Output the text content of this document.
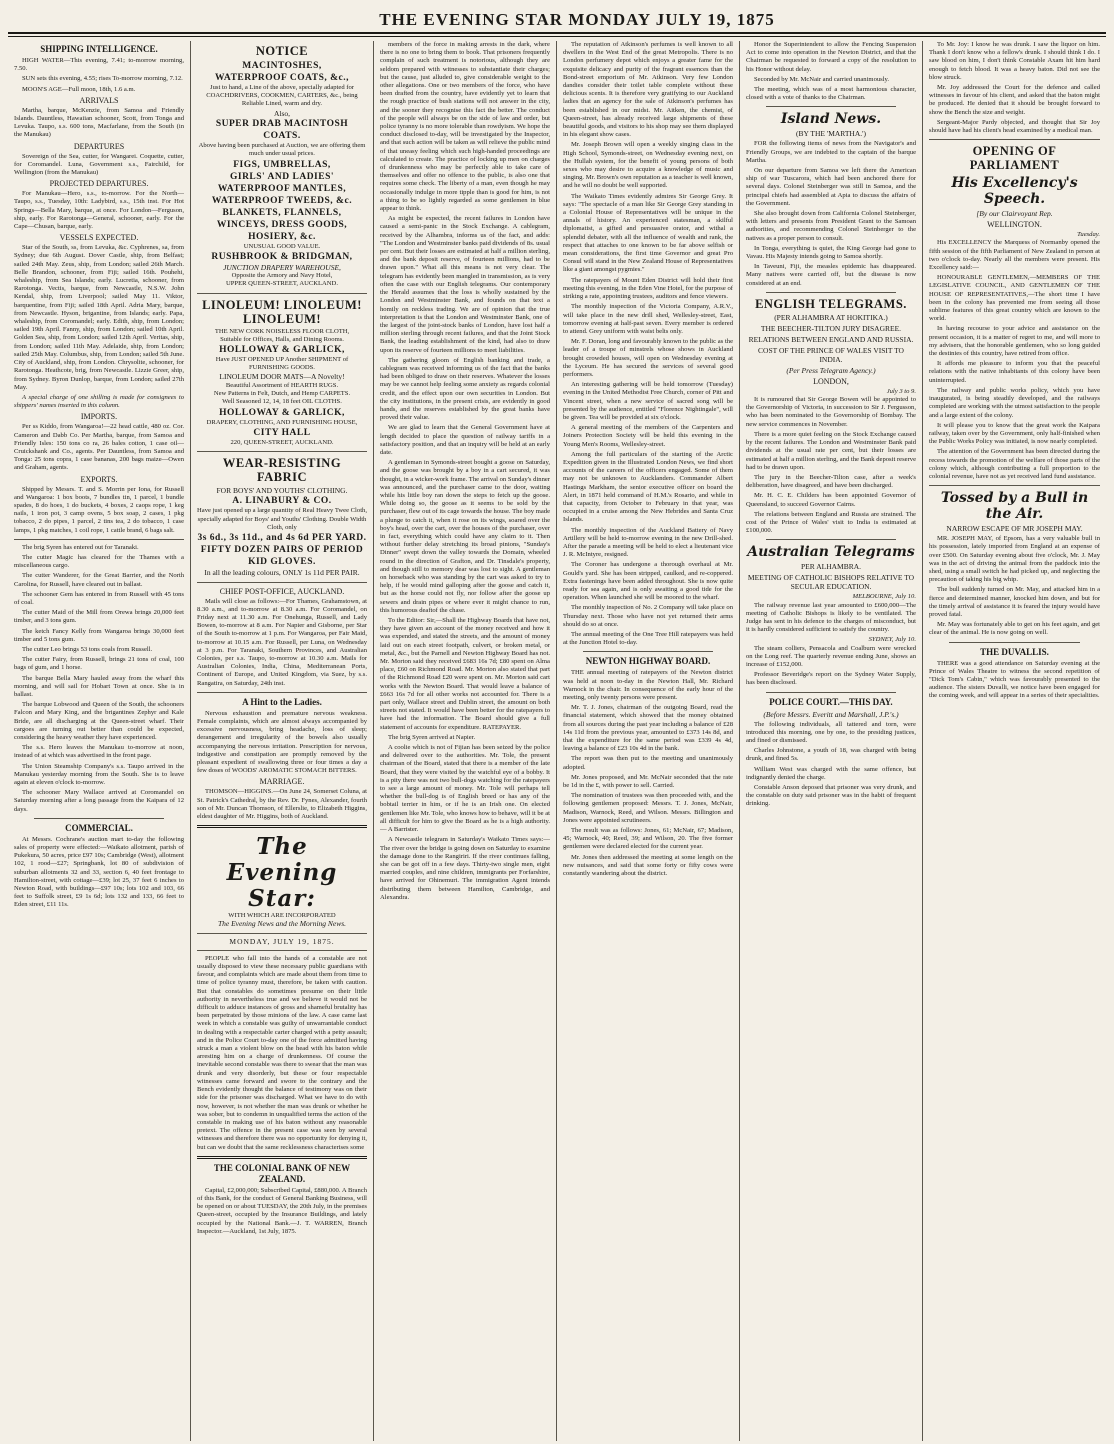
THE EVENING STAR MONDAY JULY 19, 1875
SHIPPING INTELLIGENCE.

HIGH WATER—This evening, 7.41; to-morrow morning, 7.50.

SUN sets this evening, 4.55; rises To-morrow morning, 7.12.

MOON'S AGE—Full moon, 18th, 1.6 a.m.

ARRIVALS

Martha, barque, McKenzie, from Samoa and Friendly Islands. Dauntless, Hawaiian schooner, Scott, from Tonga and Levuka. Taupo, s.s. 600 tons, Macfarlane, from the South (in the Manukau)

DEPARTURES

Sovereign of the Sea, cutter, for Wangarei. Coquette, cutter, for Coromandel. Luna, Government s.s., Fairchild, for Wellington (from the Manukau)

PROJECTED DEPARTURES.

For Manukau—Hero, s.s., to-morrow. For the North—Taupo, s.s., Tuesday, 10th: Ladybird, s.s., 15th inst. For Hot Springs—Bella Mary, barque, at once. For London—Ferguson, ship, early. For Rarotonga—General, schooner, early. For the Cape—Chusan, barque, early.

VESSELS EXPECTED.

Star of the South, ss, from Levuka, &c. Cyphrenes, sa, from Sydney; due 6th August. Dover Castle, ship, from Belfast; sailed 24th May. Zeus, ship, from London; sailed 26th March. Belle Brandon, schooner, from Fiji; sailed 16th. Pouhehi, whaleship, from Sea Islands; early. Lucretia, schooner, from Rarotonga. Vectis, barque, from Newcastle, N.S.W. John Kendal, ship, from Liverpool; sailed May 11. Viktor, barquentine, from Fiji; sailed 18th April. Adria Mary, barque, from Newcastle. Hyson, brigantine, from Islands; early. Papa, whaleship, from Coromandel; early. Edith, ship, from London; sailed 19th April. Fanny, ship, from London; sailed 10th April. Golden Sea, ship, from London; sailed 12th April. Veritas, ship, from London; sailed 11th May. Adelaide, ship, from London; sailed 25th May. Columbus, ship, from London; sailed 5th June. City of Auckland, ship, from London. Chrysolite, schooner, for Rarotonga. Heathcote, brig, from Newcastle. Lizzie Greer, ship, from Sydney. Byron Dunlop, barque, from London; sailed 27th May.

A special charge of one shilling is made for consignees to shippers' names inserted in this column.

IMPORTS.

Per ss Kiddo, from Wangaroa!—22 head cattle, 480 oz. Cor. Cameron and Dabb Co. Per Martha, barque, from Samoa and Friendly Isles: 150 tons co ra, 26 bales cotton, 1 case oil—Cruickshank and Co., agents. Per Dauntless, from Samoa and Tonga: 25 tons copra, 1 case bananas, 200 bags maize—Owen and Graham, agents.

EXPORTS.

Shipped by Messrs. T. and S. Morrin per Iona, for Russell and Wangaroa: 1 box boots, 7 bundles tin, 1 parcel, 1 bundle spades, 8 do hoes, 1 do buckets, 4 boxes, 2 caops rope, 1 keg nails, 1 iron pot, 3 camp ovens, 5 box soap, 2 cases, 1 pkg tobacco, 2 do pipes, 1 parcel, 2 tins tea, 2 do tobacco, 1 case lamps, 1 pkg matches, 1 coil rope, 1 cattle brand, 6 bags salt.

The brig Syren has entered out for Taranaki.

The cutter Magic has cleared for the Thames with a miscellaneous cargo.

The cutter Wanderer, for the Great Barrier, and the North Carolina, for Russell, have cleared out in ballast.

The schooner Gem has entered in from Russell with 45 tons of coal.

The cutter Maid of the Mill from Orewa brings 20,000 feet timber, and 3 tons gum.

The ketch Fancy Kelly from Wangaroa brings 30,000 feet timber and 5 tons gum.

The cutter Leo brings 53 tons coals from Russell.

The cutter Fairy, from Russell, brings 21 tons of coal, 100 bags of gum, and 1 horse.

The barque Bella Mary hauled away from the wharf this morning, and will sail for Hobart Town at once. She is in ballast.

The barque Lobwood and Queen of the South, the schooners Falcon and Mary King, and the brigantines Zephyr and Kale Bride, are all discharging at the Queen-street wharf. Their cargoes are turning out better than could be expected, considering the heavy weather they have experienced.

The s.s. Hero leaves the Manukau to-morrow at noon, instead of at which was advertised in the front page.

The Union Steamship Company's s.s. Taupo arrived in the Manukau yesterday morning from the South. She is to leave again at eleven o'clock to-morrow.

The schooner Mary Wallace arrived at Coromandel on Saturday morning after a long passage from the Kaipara of 12 days.

COMMERCIAL.

At Messrs. Cochrane's auction mart to-day the following sales of property were effected:—Waikato allotment, parish of Pukekura, 50 acres, price £97 10s; Cambridge (West), allotment 102, 1 rood—£27; Springbank, lot 80 of subdivision of suburban allotments 32 and 33, section 6, 40 feet frontage to Hamilton-street, with cottage—£39; lot 25, 37 feet 6 inches to Newton Road, with buildings—£97 10s; lots 102 and 103, 66 feet to Suffolk street, £9 1s 6d; lots 132 and 133, 66 feet to Eden street, £11 11s.

NOTICE
MACINTOSHES,
WATERPROOF COATS, &c.,
Just to hand, a Line of the above, specially adapted for COACHDRIVERS, COOKMEN, CARTERS, &c., being Reliable Lined, warm and dry.
Also,
SUPER DRAB MACINTOSH COATS.
Above having been purchased at Auction, we are offering them much under usual prices.
FIGS, UMBRELLAS,
GIRLS' AND LADIES' WATERPROOF MANTLES,
WATERPROOF TWEEDS, &c.
BLANKETS, FLANNELS, WINCEYS, DRESS GOODS, HOSIERY, &c.
UNUSUAL GOOD VALUE.
RUSHBROOK & BRIDGMAN,
JUNCTION DRAPERY WAREHOUSE,
Opposite the Armory and Navy Hotel,
UPPER QUEEN-STREET, AUCKLAND.
LINOLEUM! LINOLEUM! LINOLEUM!
THE NEW CORK NOISELESS FLOOR CLOTH,
Suitable for Offices, Halls, and Dining Rooms.
HOLLOWAY & GARLICK,
Have JUST OPENED UP Another SHIPMENT of FURNISHING GOODS.
LINOLEUM DOOR MATS—A Novelty!
Beautiful Assortment of HEARTH RUGS.
New Patterns in Felt, Dutch, and Hemp CARPETS.
Well Seasoned 12, 14, 18 feet OIL CLOTHS.
HOLLOWAY & GARLICK,
DRAPERY, CLOTHING, AND FURNISHING HOUSE,
CITY HALL
220, QUEEN-STREET, AUCKLAND.
WEAR-RESISTING FABRIC
FOR BOYS' AND YOUTHS' CLOTHING.
A. LINABURY & CO.
Have just opened up a large quantity of Real Heavy Twee Cloth, specially adapted for Boys' and Youths' Clothing. Double Width Cloth, only
3s 6d., 3s 11d., and 4s 6d PER YARD.
FIFTY DOZEN PAIRS OF PERIOD KID GLOVES.
In all the leading colours, ONLY 1s 11d PER PAIR.
CHIEF POST-OFFICE, AUCKLAND.

Mails will close as follows:—For Thames, Grahamstown, at 8.30 a.m., and to-morrow at 8.30 a.m. For Coromandel, on Friday next at 11.30 a.m. For Onehunga, Russell, and Lady Bowen, to-morrow at 8 a.m. For Napier and Gisborne, per Star of the South to-morrow at 1 p.m. For Wangaroa, per Fair Maid, to-morrow at 10.15 a.m. For Russell, per Luna, on Wednesday at 3 p.m. For Taranaki, Southern Provinces, and Australian Colonies, per s.s. Taupo, to-morrow at 10.30 a.m. Mails for Australian Colonies, India, China, Mediterranean Ports, Continent of Europe, and United Kingdom, via Suez, by s.s. Rangatira, on Saturday, 24th inst.

A Hint to the Ladies.

Nervous exhaustion and premature nervous weakness. Female complaints, which are almost always accompanied by excessive nervousness, bring headache, loss of sleep; derangement and irregularity of the bowels also usually accompanying the nervous irritation. Prescription for nervous, indigestive and constipation are promptly removed by the pleasant expedient of swallowing three or four times a day a few doses of WOODS' AROMATIC STOMACH BITTERS.

MARRIAGE.

THOMSON—HIGGINS.—On June 24, Somerset Coluna, at St. Patrick's Cathedral, by the Rev. Dr. Fynes, Alexander, fourth son of Mr. Duncan Thomson, of Ellerslie, to Elizabeth Higgins, eldest daughter of Mr. Higgins, both of Auckland.

The Evening Star:
WITH WHICH ARE INCORPORATED
The Evening News and the Morning News.
MONDAY, JULY 19, 1875.

PEOPLE who fall into the hands of a constable are not usually disposed to view these necessary public guardians with favour, and complaints which are made about them from time to time of police tyranny must, therefore, be taken with caution. But that constables do sometimes presume on their little authority in nevertheless true and we believe it would not be difficult to adduce instances of gross and shameful brutality has been perpetrated by those minions of the law. A case came last week in which a constable was guilty of unwarrantable conduct in dealing with a respectable carter charged with a petty assault; and in the Police Court to-day one of the force admitted having struck a man a violent blow on the head with his baton while arresting him on a charge of drunkenness. Of course the inevitable second constable was there to swear that the man was drunk and very disorderly, but these or four respectable witnesses came forward and swore to the contrary and the Bench evidently thought the balance of testimony was on their side for the prisoner was discharged. What we have to do with now, however, is not whether the man was drunk or whether he was sober, but to condemn in unqualified terms the action of the constable in making use of his baton without any reasonable pretext. The offence in the present case was seen by several witnesses and therefore there was no opportunity for denying it, but can we doubt that the same recklessness characterises some

THE COLONIAL BANK OF NEW ZEALAND.

Capital, £2,000,000; Subscribed Capital, £880,000. A Branch of this Bank, for the conduct of General Banking Business, will be opened on or about TUESDAY, the 20th July, in the premises Queen-street, occupied by the Insurance Buildings, and lately occupied by the National Bank.—J. T. WARREN, Branch Inspector.—Auckland, 1st July, 1875.

members of the force in making arrests in the dark, where there is no one to bring them to book. That prisoners frequently complain of such treatment is notorious, although they are seldom prepared with witnesses to substantiate their charges; but the cause, just alluded to, give considerable weight to the other allegations. One or two members of the force, who have been drafted from the country, have evidently yet to learn that the rough practice of bush stations will not answer in the city, and the sooner they recognise this fact the better. The conduct of the people will always be on the side of law and order, but police tyranny is no more tolerable than rowdyism. We hope the conduct disclosed to-day, will be investigated by the Inspector, and that such action will be taken as will relieve the public mind of that uneasy feeling which such high-handed proceedings are calculated to create. The practice of locking up men on charges of drunkenness who may be perfectly able to take care of themselves and offer no offence to the public, is also one that requires some check. The liberty of a man, even though he may occasionally indulge in more tipple than is good for him, is not a thing to be so lightly regarded as some gentlemen in blue appear to think.

As might be expected, the recent failures in London have caused a semi-panic in the Stock Exchange. A cablegram, received by the Alhambra, informs us of the fact, and adds: "The London and Westminster banks paid dividends of 8s. usual per cent. But their losses are estimated at half a million sterling, and the bank deposit reserve, of fourteen millions, had to be drawn upon." What all this means is not very clear. The telegram has evidently been mangled in transmission, as is very often the case with our English telegrams. Our contemporary the Herald assumes that the loss is wholly sustained by the London and Westminster Bank, and founds on that text a homily on reckless trading. We are of opinion that the true interpretation is that the London and Westminster Bank, one of the largest of the joint-stock banks of London, have lost half a million sterling through recent failures, and that the Joint Stock Bank, the leading establishment of the kind, had also to draw upon its reserve of fourteen millions to meet liabilities.

The gathering gloom of English banking and trade, a cablegram was received informing us of the fact that the banks had been obliged to draw on their reserves. Whatever the losses may be we cannot help feeling some anxiety as regards colonial credit, and the effect upon our own securities in London. But the city institutions, in the present crisis, are evidently in good hands, and the reserves established by the great banks have proved their value.

We are glad to learn that the General Government have at length decided to place the question of railway tariffs in a satisfactory position, and that an inquiry will be held at an early date.

A gentleman in Symonds-street bought a goose on Saturday, and the goose was brought by a boy in a cart secured, it was thought, in a wicker-work frame. The arrival on Sunday's dinner was announced, and the purchaser came to the door, waiting while his little boy ran down the steps to fetch up the goose. While doing so, the goose as it seems to be sold by the purchaser, flew out of its cage towards the house. The boy made a plunge to catch it, when it rose on its wings, soared over the boy's head, over the cart, over the houses of the purchaser, over in fact, everything which could have any claim to it. Then without further delay stretching its broad pinions, "Sunday's Dinner" swept down the valley towards the Domain, wheeled round in the direction of Grafton, and Dr. Tinsdale's property, and though still to memory dear was lost to sight. A gentleman on horseback who was standing by the cart was asked to try to help, if he would mind galloping after the goose and catch it, but as the horse could not fly, nor follow after the goose up sewers and drain pipes or where ever it might chance to run, this humorous deaftof the chase.

To the Editor: Sir,—Shall the Highway Boards that have not, they have given an account of the money received and how it was expended, and stated the streets, and the amount of money laid out on each street footpath, culvert, or broken metal, or metal, &c., but the Parnell and Newton Highway Board has not. Mr. Morton said they received £683 16s 7d; £80 spent on Alma place, £60 on Richmond Road. Mr. Morton also stated that part of the Richmond Road £20 were spent on. Mr. Morton said cart works with the Newton Board. That would leave a balance of £663 16s 7d for all other works not accounted for. There is a part only, Wallace street and Dublin street, the amount on both streets not stated. It would have been better for the ratepayers to have had the information. The Board should give a full statement of accounts for expenditure. RATEPAYER.

The brig Syren arrived at Napier.

A coolie which is not of Fijian has been seized by the police and delivered over to the authorities. Mr. Tole, the present chairman of the Board, stated that there is a member of the late Board, that they were visited by the watchful eye of a bobby. It is a pity there was not two bull-dogs watching for the ratepayers to see a large amount of money. Mr. Tole will perhaps tell whether the bull-dog is of English breed or has any of the bobtail terrier in him, or if he is an Irish one. On elected gentlemen like Mr. Tole, who knows how to behave, will it be at all difficult for him to give the Board as he is a high authority. — A Barrister.

A Newcastle telegram in Saturday's Waikato Times says:—The river over the bridge is going down on Saturday to examine the damage done to the Rangiriri. If the river continues falling, she can be got off in a few days. Thirty-two single men, eight married couples, and nine children, immigrants per Forfarshire, have arrived for Ohinemuri. The immigration Agent intends distributing them between Hamilton, Cambridge, and Alexandra.

The reputation of Atkinson's perfumes is well known to all dwellers in the West End of the great Metropolis. There is no London perfumery depot which enjoys a greater fame for the exquisite delicacy and purity of the fragrant essences than the Bond-street emporium of Mr. Atkinson. Very few London dandies consider their toilet table complete without these delicious scents. It is therefore very gratifying to our Auckland ladies that an agency for the sale of Atkinson's perfumes has been established in our midst. Mr. Aitken, the chemist, of Queen-street, has already received large shipments of these beautiful goods, and visitors to his shop may see them displayed in his elegant show cases.

Mr. Joseph Brown will open a weekly singing class in the High School, Symonds-street, on Wednesday evening next, on the Hullah system, for the benefit of young persons of both sexes who may desire to acquire a knowledge of music and singing. Mr. Brown's own reputation as a teacher is well known, and he will no doubt be well supported.

The Waikato Times evidently admires Sir George Grey. It says: "The spectacle of a man like Sir George Grey standing in a Colonial House of Representatives will be unique in the annals of history. An experienced statesman, a skilful diplomatist, a gifted and persuasive orator, and withal a splendid debater, with all the influence of wealth and rank, the respect that attaches to one known to be far above selfish or mean considerations, the first time Governor and great Pro Consul will stand in the New Zealand House of Representatives like a giant amongst pygmies."

The ratepayers of Mount Eden District will hold their first meeting this evening, in the Eden Vine Hotel, for the purpose of striking a rate, appointing trustees, auditors and fence viewers.

The monthly inspection of the Victoria Company, A.R.V., will take place in the new drill shed, Wellesley-street, East, tomorrow evening at half-past seven. Every member is ordered to attend. Grey uniform with waist belts only.

Mr. F. Doran, long and favourably known to the public as the leader of a troupe of minstrels whose shows in Auckland brought crowded houses, will open on Wednesday evening at the Lyceum. He has secured the services of several good performers.

An interesting gathering will be held tomorrow (Tuesday) evening in the United Methodist Free Church, corner of Pitt and Vincent street, when a new service of sacred song will be presented by the audience, entitled "Florence Nightingale", will be given. Tea will be provided at six o'clock.

A general meeting of the members of the Carpenters and Joiners Protection Society will be held this evening in the Young Men's Rooms, Wellesley-street.

Among the full particulars of the starting of the Arctic Expedition given in the Illustrated London News, we find short accounts of the careers of the officers engaged. Some of them may not be unknown to Aucklanders. Commander Albert Hastings Markham, the senior executive officer on board the Alert, in 1871 held command of H.M.'s Rosario, and while in that capacity, from October to February in that year, was occupied in a cruise among the New Hebrides and Santa Cruz Islands.

The monthly inspection of the Auckland Battery of Navy Artillery will be held to-morrow evening in the new Drill-shed. After the parade a meeting will be held to elect a lieutenant vice J. R. McIntyre, resigned.

The Coroner has undergone a thorough overhaul at Mr. Gould's yard. She has been stripped, caulked, and re-coppered. Extra fastenings have been added throughout. She is now quite ready for sea again, and is only awaiting a good tide for the operation. When launched she will be moored to the wharf.

The monthly inspection of No. 2 Company will take place on Thursday next. Those who have not yet returned their arms should do so at once.

The annual meeting of the One Tree Hill ratepayers was held at the Junction Hotel to-day.

NEWTON HIGHWAY BOARD.

THE annual meeting of ratepayers of the Newton district was held at noon to-day in the Newton Hall, Mr. Richard Warnock in the chair. In consequence of the early hour of the meeting, only twenty persons were present.

Mr. T. J. Jones, chairman of the outgoing Board, read the financial statement, which showed that the money obtained from all sources during the past year including a balance of £28 14s 11d from the previous year, amounted to £373 14s 8d, and that the expenditure for the same period was £339 4s 4d, leaving a balance of £23 10s 4d in the bank.

The report was then put to the meeting and unanimously adopted.

Mr. Jones proposed, and Mr. McNair seconded that the rate be 1d in the £, with power to sell. Carried.

The nomination of trustees was then proceeded with, and the following gentlemen proposed: Messrs. T. J. Jones, McNair, Madison, Warnock, Reed, and Wilson. Messrs. Billington and Jones were appointed scrutineers.

The result was as follows: Jones, 61; McNair, 67; Madison, 45; Warnock, 40; Reed, 39; and Wilson, 20. The five former gentlemen were declared elected for the current year.

Mr. Jones then addressed the meeting at some length on the new nuisances, and said that some forty or fifty cows were constantly wandering about the district.

Honor the Superintendent to allow the Fencing Suspension Act to come into operation in the Newton District, and that the Chairman be requested to forward a copy of the resolution to his Honor without delay.

Seconded by Mr. McNair and carried unanimously.

The meeting, which was of a most harmonious character, closed with a vote of thanks to the Chairman.

Island News.
(BY THE 'MARTHA.')

FOR the following items of news from the Navigator's and Friendly Groups, we are indebted to the captain of the barque Martha.

On our departure from Samoa we left there the American ship of war Tuscarora, which had been anchored there for several days. Colonel Steinberger was still in Samoa, and the principal chiefs had assembled at Apia to discuss the affairs of the Government.

She also brought down from California Colonel Steinberger, with letters and presents from President Grant to the Samoan authorities, and recommending Colonel Steinberger to the natives as a proper person to consult.

In Tonga, everything is quiet, the King George had gone to Vavau. His Majesty intends going to Samoa shortly.

In Taveuni, Fiji, the measles epidemic has disappeared. Many natives were carried off, but the disease is now considered at an end.

ENGLISH TELEGRAMS.
(PER ALHAMBRA AT HOKITIKA.)
THE BEECHER-TILTON JURY DISAGREE.
RELATIONS BETWEEN ENGLAND AND RUSSIA.
COST OF THE PRINCE OF WALES VISIT TO INDIA.
(Per Press Telegram Agency.)
LONDON,
July 3 to 9.

It is rumoured that Sir George Bowen will be appointed to the Governorship of Victoria, in succession to Sir J. Fergusson, who has been nominated to the Governorship of Bombay. The new service commences in November.

There is a more quiet feeling on the Stock Exchange caused by the recent failures. The London and Westminster Bank paid dividends at the usual rate per cent, but their losses are estimated at half a million sterling, and the Bank deposit reserve had to be drawn upon.

The jury in the Beecher-Tilton case, after a week's deliberation, have disagreed, and have been discharged.

Mr. H. C. E. Childers has been appointed Governor of Queensland, to succeed Governor Cairns.

The relations between England and Russia are strained. The cost of the Prince of Wales' visit to India is estimated at £100,000.

Australian Telegrams
PER ALHAMBRA.
MEETING OF CATHOLIC BISHOPS RELATIVE TO SECULAR EDUCATION.
MELBOURNE, July 10.

The railway revenue last year amounted to £600,000—The meeting of Catholic Bishops is likely to be ventilated. The Judge has sent in his defence to the charges of misconduct, but it is hardly considered sufficient to satisfy the country.

SYDNEY, July 10.

The steam colliers, Pensacola and Coalburn were wrecked on the Long reef. The quarterly revenue ending June, shows an increase of £152,000.

Professor Beveridge's report on the Sydney Water Supply, has been disclosed.

POLICE COURT.—THIS DAY.
(Before Messrs. Everitt and Marshall, J.P.'s.)

The following individuals, all tattered and torn, were introduced this morning, one by one, to the presiding justices, and fined or dismissed.

Charles Johnstone, a youth of 18, was charged with being drunk, and fined 5s.

William West was charged with the same offence, but indignantly denied the charge.

Constable Anson deposed that prisoner was very drunk, and the constable on duty said prisoner was in the habit of frequent drinking.

To Mr. Joy: I know he was drunk. I saw the liquor on him. Thank I don't know who a fellow's drunk. I should think I do. I saw blood on him, I don't think Constable Axam hit him hard enough to fetch blood. It was a heavy baton. Did not see the blow struck.

Mr. Joy addressed the Court for the defence and called witnesses in favour of his client, and asked that the baton might be produced. He denied that it should be brought forward to show the Bench the size and weight.

Sergeant-Major Pardy objected, and thought that Sir Joy should have had his client's head examined by a medical man.

OPENING OF PARLIAMENT
His Excellency's Speech.
[By our Clairvoyant Rep.
WELLINGTON.
Tuesday.

His EXCELLENCY the Marquess of Normanby opened the fifth session of the fifth Parliament of New Zealand in person at two o'clock to-day. Nearly all the members were present. His Excellency said:—

HONOURABLE GENTLEMEN,—MEMBERS OF THE LEGISLATIVE COUNCIL, AND GENTLEMEN OF THE HOUSE OF REPRESENTATIVES,—The short time I have been in the colony has prevented me from seeing all those sublime features of this great country which are known to the world.

In having recourse to your advice and assistance on the present occasion, it is a matter of regret to me, and will more to my advisers, that the honorable gentlemen, who so long guided the destinies of this country, have retired from office.

It affords me pleasure to inform you that the peaceful relations with the native inhabitants of this colony have been uninterrupted.

The railway and public works policy, which you have inaugurated, is being steadily developed, and the railways completed are working with the utmost satisfaction to the people and a large extent of the colony.

It will please you to know that the great work the Kaipara railway, taken over by the Government, only half-finished when the Public Works Policy was initiated, is now nearly completed.

The attention of the Government has been directed during the recess towards the promotion of the welfare of those parts of the colony which, although contributing a full proportion to the colonial revenue, have not as yet received land fund assistance.

Tossed by a Bull in the Air.
NARROW ESCAPE OF MR JOSEPH MAY.

MR. JOSEPH MAY, of Epsom, has a very valuable bull in his possession, lately imported from England at an expense of over £500. On Saturday evening about five o'clock, Mr. J. May was in the act of driving the animal from the paddock into the shed, using a small switch he had picked up, and neglecting the precaution of taking his big whip.

The bull suddenly turned on Mr. May, and attacked him in a fierce and determined manner, knocked him down, and but for the timely arrival of assistance it is feared the injury would have proved fatal.

Mr. May was fortunately able to get on his feet again, and get clear of the animal. He is now going on well.

THE DUVALLIS.

THERE was a good attendance on Saturday evening at the Prince of Wales Theatre to witness the second repetition of "Dick Tom's Cabin," which was favourably presented to the audience. The sisters Duvalli, we notice have been engaged for the coming week, and will appear in a series of their specialities.
